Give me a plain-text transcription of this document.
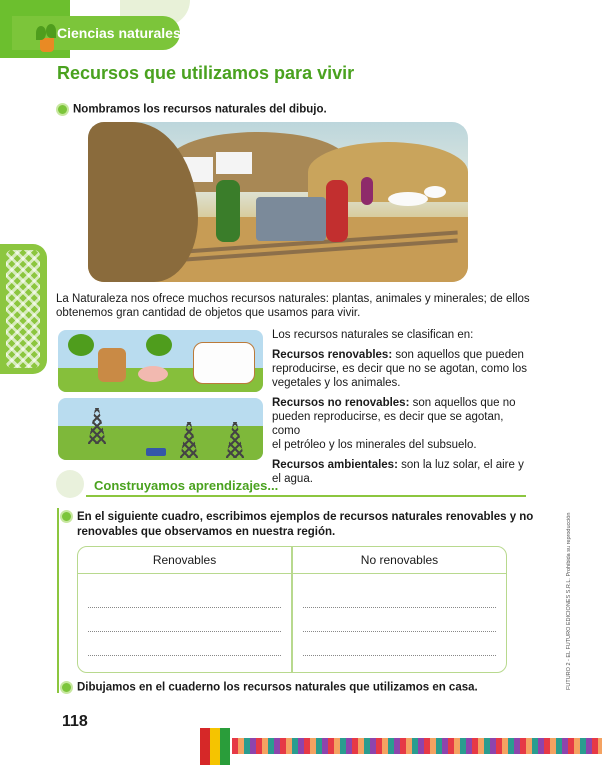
Ciencias naturales
Recursos que utilizamos para vivir
Nombramos los recursos naturales del dibujo.
La Naturaleza nos ofrece muchos recursos naturales: plantas, animales y minerales; de ellos
obtenemos gran cantidad de objetos que usamos para vivir.
Los recursos naturales se clasifican en:
Recursos renovables: son aquellos que pueden
reproducirse, es decir que no se agotan, como los
vegetales y los animales.
Recursos no renovables: son aquellos que no
pueden reproducirse, es decir que se agotan, como
el petróleo y los minerales del subsuelo.
Recursos ambientales: son la luz solar, el aire y
el agua.
Construyamos aprendizajes...
En el siguiente cuadro, escribimos ejemplos de recursos naturales renovables y no
renovables que observamos en nuestra región.
Renovables	No renovables
Dibujamos en el cuaderno los recursos naturales que utilizamos en casa.
118
FUTURO 2 - EL FUTURO EDICIONES S.R.L. Prohibida su reproducción
